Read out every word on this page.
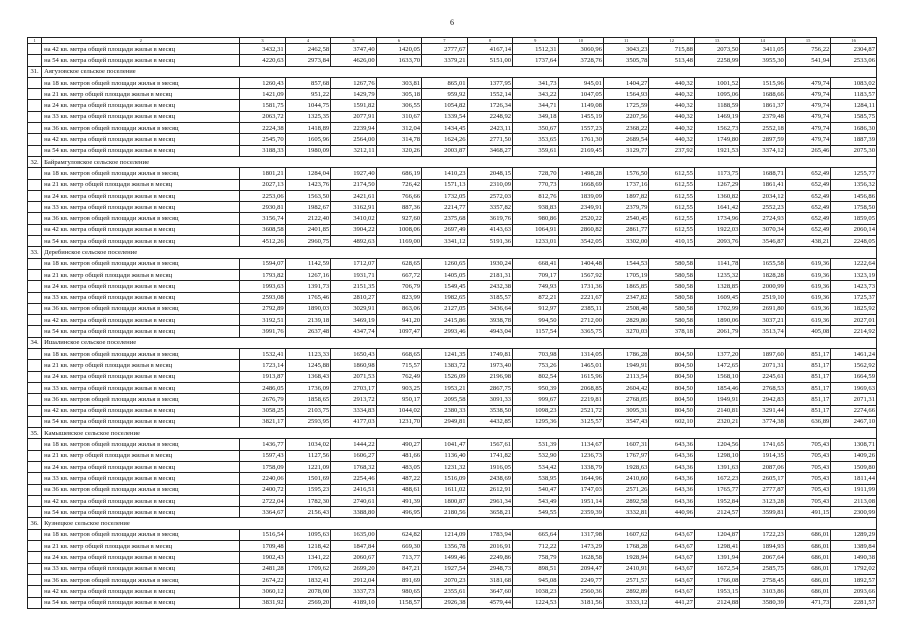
6
1	2	3	4	5	6	7	8	9	10	11	12	13	14	15	16
	на 42 кв. метра общей площади жилья в месяц	3432,31	2462,58	3747,40	1420,05	2777,67	4167,14	1512,31	3060,96	3043,23	715,88	2073,50	3411,05	756,22	2304,87
	на 54 кв. метра общей площади жилья в месяц	4220,63	2973,84	4626,00	1633,70	3379,21	5151,00	1737,64	3728,76	3505,78	513,48	2258,99	3955,30	541,94	2533,06
31.	Аягузовское сельское поселение														
	на 18 кв. метров общей площади жилья в месяц	1260,43	857,68	1267,76	303,81	865,01	1377,95	341,73	945,01	1404,27	440,32	1001,52	1515,96	479,74	1083,02
	на 21 кв. метр общей площади жилья в месяц	1421,09	951,22	1429,79	305,18	959,92	1552,14	343,22	1047,05	1564,93	440,32	1095,06	1688,66	479,74	1183,57
	на 24 кв. метра общей площади жилья в месяц	1581,75	1044,75	1591,82	306,55	1054,82	1726,34	344,71	1149,08	1725,59	440,32	1188,59	1861,37	479,74	1284,11
	на 33 кв. метра общей площади жилья в месяц	2063,72	1325,35	2077,91	310,67	1339,54	2248,92	349,18	1455,19	2207,56	440,32	1469,19	2379,48	479,74	1585,75
	на 36 кв. метров общей площади жилья в месяц	2224,38	1418,89	2239,94	312,04	1434,45	2423,11	350,67	1557,23	2368,22	440,32	1562,73	2552,18	479,74	1686,30
	на 42 кв. метра общей площади жилья в месяц	2545,70	1605,96	2564,00	314,78	1624,26	2771,50	353,65	1761,30	2689,54	440,32	1749,80	2897,59	479,74	1887,39
	на 54 кв. метра общей площади жилья в месяц	3188,33	1980,09	3212,11	320,26	2003,87	3468,27	359,61	2169,45	3129,77	237,92	1921,53	3374,12	265,46	2075,30
32.	Байрамгуловское сельское поселение														
	на 18 кв. метров общей площади жилья в месяц	1801,21	1284,04	1927,40	686,19	1410,23	2048,15	728,70	1498,28	1576,50	612,55	1173,75	1688,71	652,49	1255,77
	на 21 кв. метр общей площади жилья в месяц	2027,13	1423,76	2174,50	726,42	1571,13	2310,09	770,73	1668,69	1737,16	612,55	1267,29	1861,41	652,49	1356,32
	на 24 кв. метра общей площади жилья в месяц	2253,06	1563,50	2421,61	766,66	1732,05	2572,03	812,76	1839,09	1897,82	612,55	1360,82	2034,12	652,49	1456,86
	на 33 кв. метра общей площади жилья в месяц	2930,81	1982,67	3162,91	887,36	2214,77	3357,82	938,83	2349,91	2379,79	612,55	1641,42	2552,23	652,49	1758,50
	на 36 кв. метров общей площади жилья в месяц	3156,74	2122,40	3410,02	927,60	2375,68	3619,76	980,86	2520,22	2540,45	612,55	1734,96	2724,93	652,49	1859,05
	на 42 кв. метра общей площади жилья в месяц	3608,58	2401,85	3904,22	1008,06	2697,49	4143,63	1064,91	2860,82	2861,77	612,55	1922,03	3070,34	652,49	2060,14
	на 54 кв. метра общей площади жилья в месяц	4512,26	2960,75	4892,63	1169,00	3341,12	5191,36	1233,01	3542,05	3302,00	410,15	2093,76	3546,87	438,21	2248,05
33.	Деребинское сельское поселение														
	на 18 кв. метров общей площади жилья в месяц	1594,07	1142,59	1712,07	628,65	1260,65	1930,24	668,41	1404,48	1544,53	580,58	1141,78	1655,58	619,36	1222,64
	на 21 кв. метр общей площади жилья в месяц	1793,82	1267,16	1931,71	667,72	1405,05	2181,31	709,17	1567,92	1705,19	580,58	1235,32	1828,28	619,36	1323,19
	на 24 кв. метра общей площади жилья в месяц	1993,63	1391,73	2151,35	706,79	1549,45	2432,38	749,93	1731,36	1865,85	580,58	1328,85	2000,99	619,36	1423,73
	на 33 кв. метра общей площади жилья в месяц	2593,08	1765,46	2810,27	823,99	1982,65	3185,57	872,21	2221,67	2347,82	580,58	1609,45	2519,10	619,36	1725,37
	на 36 кв. метров общей площади жилья в месяц	2792,89	1890,03	3029,91	863,06	2127,05	3436,64	912,97	2385,11	2508,48	580,58	1702,99	2691,80	619,36	1825,92
	на 42 кв. метра общей площади жилья в месяц	3192,51	2139,18	3469,19	941,20	2415,86	3938,78	994,50	2712,00	2829,80	580,58	1890,06	3037,21	619,36	2027,01
	на 54 кв. метра общей площади жилья в месяц	3991,76	2637,48	4347,74	1097,47	2993,46	4943,04	1157,54	3365,75	3270,03	378,18	2061,79	3513,74	405,08	2214,92
34.	Ишалинское сельское поселение														
	на 18 кв. метров общей площади жилья в месяц	1532,41	1123,33	1650,43	668,65	1241,35	1749,81	703,98	1314,05	1786,28	804,50	1377,20	1897,60	851,17	1461,24
	на 21 кв. метр общей площади жилья в месяц	1723,14	1245,88	1860,98	715,57	1383,72	1973,40	753,26	1465,01	1949,91	804,50	1472,65	2071,31	851,17	1562,92
	на 24 кв. метра общей площади жилья в месяц	1913,87	1368,43	2071,53	762,49	1526,09	2196,98	802,54	1615,96	2113,54	804,50	1568,10	2245,61	851,17	1664,59
	на 33 кв. метра общей площади жилья в месяц	2486,05	1736,09	2703,17	903,25	1953,21	2867,75	950,39	2068,85	2604,42	804,50	1854,46	2768,53	851,17	1969,63
	на 36 кв. метров общей площади жилья в месяц	2676,79	1858,65	2913,72	950,17	2095,58	3091,33	999,67	2219,81	2768,05	804,50	1949,91	2942,83	851,17	2071,31
	на 42 кв. метра общей площади жилья в месяц	3058,25	2103,75	3334,83	1044,02	2380,33	3538,50	1098,23	2521,72	3095,31	804,50	2140,81	3291,44	851,17	2274,66
	на 54 кв. метра общей площади жилья в месяц	3821,17	2593,95	4177,03	1231,70	2949,81	4432,85	1295,36	3125,57	3547,43	602,10	2320,21	3774,38	636,89	2467,10
35.	Камышевское сельское поселение														
	на 18 кв. метров общей площади жилья в месяц	1436,77	1034,02	1444,22	490,27	1041,47	1567,61	531,39	1134,67	1607,31	643,36	1204,56	1741,65	705,43	1308,71
	на 21 кв. метр общей площади жилья в месяц	1597,43	1127,56	1606,27	481,66	1136,40	1741,82	532,90	1236,73	1767,97	643,36	1298,10	1914,35	705,43	1409,26
	на 24 кв. метра общей площади жилья в месяц	1758,09	1221,09	1768,32	483,05	1231,32	1916,05	534,42	1338,79	1928,63	643,36	1391,63	2087,06	705,43	1509,80
	на 33 кв. метра общей площади жилья в месяц	2240,06	1501,69	2254,46	487,22	1516,09	2438,69	538,95	1644,96	2410,60	643,36	1672,23	2605,17	705,43	1811,44
	на 36 кв. метров общей площади жилья в месяц	2400,72	1595,23	2416,51	488,61	1611,02	2612,91	540,47	1747,03	2571,26	643,36	1765,77	2777,87	705,43	1911,99
	на 42 кв. метра общей площади жилья в месяц	2722,04	1782,30	2740,61	491,39	1800,87	2961,34	543,49	1951,14	2892,58	643,36	1952,84	3123,28	705,43	2113,08
	на 54 кв. метра общей площади жилья в месяц	3364,67	2156,43	3388,80	496,95	2180,56	3658,21	549,55	2359,39	3332,81	440,96	2124,57	3599,81	491,15	2300,99
36.	Кузнецкое сельское поселение														
	на 18 кв. метров общей площади жилья в месяц	1516,54	1095,63	1635,00	624,82	1214,09	1783,94	665,64	1317,98	1607,62	643,67	1204,87	1722,23	686,01	1289,29
	на 21 кв. метр общей площади жилья в месяц	1709,48	1218,42	1847,84	669,30	1356,78	2016,91	712,22	1473,29	1768,28	643,67	1298,41	1894,93	686,01	1389,84
	на 24 кв. метра общей площади жилья в месяц	1902,43	1341,22	2060,67	713,77	1499,46	2249,86	758,79	1628,58	1928,94	643,67	1391,94	2067,64	686,01	1490,38
	на 33 кв. метра общей площади жилья в месяц	2481,28	1709,62	2699,20	847,21	1927,54	2948,73	898,51	2094,47	2410,91	643,67	1672,54	2585,75	686,01	1792,02
	на 36 кв. метров общей площади жилья в месяц	2674,22	1832,41	2912,04	891,69	2070,23	3181,68	945,08	2249,77	2571,57	643,67	1766,08	2758,45	686,01	1892,57
	на 42 кв. метра общей площади жилья в месяц	3060,12	2078,00	3337,73	980,65	2355,61	3647,60	1038,23	2560,36	2892,89	643,67	1953,15	3103,86	686,01	2093,66
	на 54 кв. метра общей площади жилья в месяц	3831,92	2569,20	4189,10	1158,57	2926,38	4579,44	1224,53	3181,56	3333,12	441,27	2124,88	3580,39	471,73	2281,57
